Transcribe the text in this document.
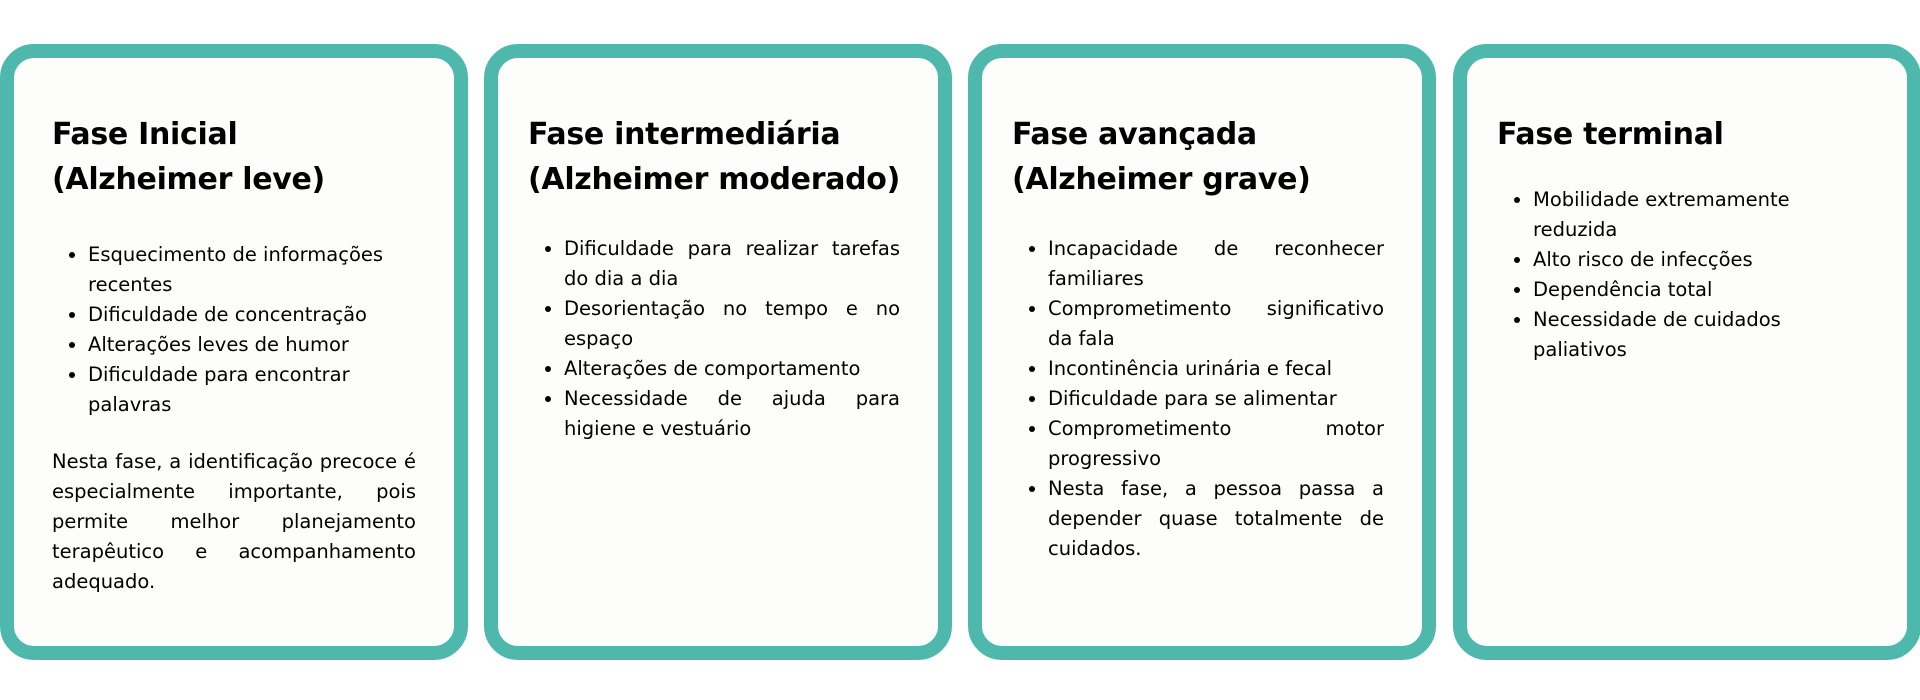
Fase Inicial
(Alzheimer leve)
• Esquecimento de informações recentes
• Dificuldade de concentração
• Alterações leves de humor
• Dificuldade para encontrar palavras

Nesta fase, a identificação precoce é especialmente importante, pois permite melhor planejamento terapêutico e acompanhamento adequado.

Fase intermediária
(Alzheimer moderado)
• Dificuldade para realizar tarefas do dia a dia
• Desorientação no tempo e no espaço
• Alterações de comportamento
• Necessidade de ajuda para higiene e vestuário
Fase avançada
(Alzheimer grave)
• Incapacidade de reconhecer familiares
• Comprometimento significativo da fala
• Incontinência urinária e fecal
• Dificuldade para se alimentar
• Comprometimento motor progressivo
• Nesta fase, a pessoa passa a depender quase totalmente de cuidados.
Fase terminal
• Mobilidade extremamente reduzida
• Alto risco de infecções
• Dependência total
• Necessidade de cuidados paliativos
